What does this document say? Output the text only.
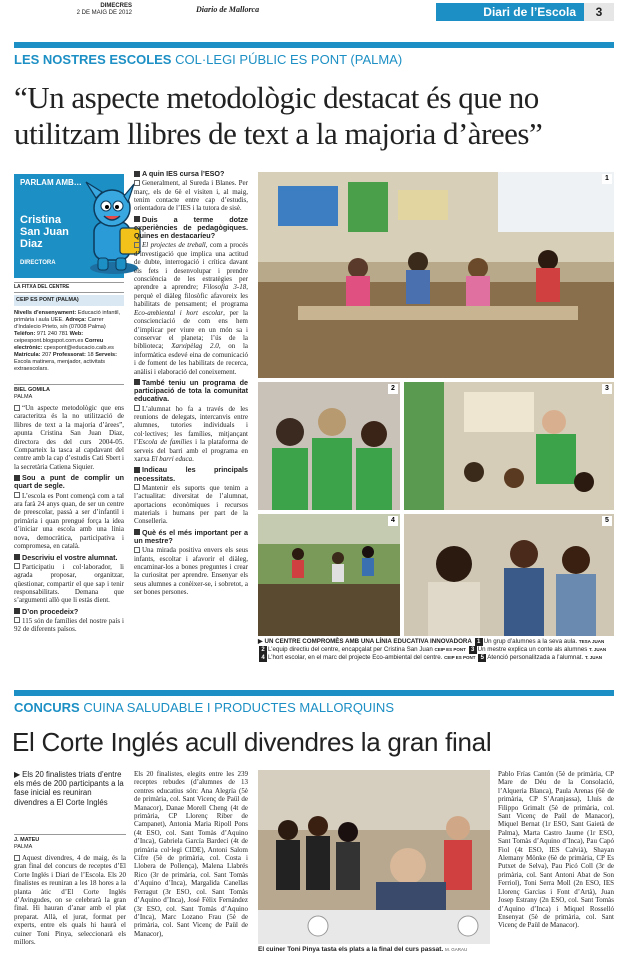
DIMECRES
2 DE MAIG DE 2012	Diario de Mallorca	Diari de l’Escola	3
LES NOSTRES ESCOLES COL·LEGI PÚBLIC ES PONT (PALMA)
“Un aspecte metodològic destacat és que no
utilitzam llibres de text a la majoria d’àrees”
PARLAM AMB…
Cristina
San Juan
Diaz
DIRECTORA
LA FITXA DEL CENTRE
CEIP ES PONT (PALMA)

Nivells d’ensenyament: Educació infantil, primària i aula UEE. Adreça: Carrer d’Indalecio Prieto, s/n (07008 Palma) Telèfon: 971 240 781 Web: ceipespont.blogspot.com.es Correu electrònic: cpespont@educacio.caib.es Matrícula: 207 Professorat: 18 Serveis: Escola matinera, menjador, activitats extraescolars.

BIEL GOMILA
PALMA

“Un aspecte metodològic que ens caracteritza és la no utilització de llibres de text a la majoria d’àrees”, apunta Cristina San Juan Diaz, directora des del curs 2004-05. Comparteix la tasca al capdavant del centre amb la cap d’estudis Cati Sbert i la secretària Catiena Siquier.

Sou a punt de complir un quart de segle.

L’escola es Pont començà com a tal ara farà 24 anys quan, de ser un centre de preescolar, passà a ser d’infantil i primària i quan prengué força la idea d’iniciar una escola amb una línia nova, democràtica, participativa i compromesa, en català.

Descriviu el vostre alumnat.

Participatiu i col·laborador, li agrada proposar, organitzar, qüestionar, compartir el que sap i tenir responsabilitats. Demana que s’argumenti allò que li estàs dient.

D’on procedeix?

115 són de famílies del nostre país i 92 de diferents països.

A quin IES cursa l’ESO?

Generalment, al Sureda i Blanes. Per març, els de 6è el visiten i, al maig, tenim contacte entre cap d’estudis, orientadora de l’IES i la tutora de sisè.

Duis a terme dotze experiències de pedagògiques. Quines en destacaríeu?

El projectes de treball, com a procés d’investigació que implica una actitud de dubte, interrogació i crítica davant els fets i desenvolupar i prendre consciència de les estratègies per aprendre a aprendre; Filosofia 3-18, perquè el diàleg filosòfic afavoreix les habilitats de pensament; el programa Eco-ambiental i hort escolar, per la conscienciació de com ens hem d’implicar per viure en un món sa i conservar el planeta; l’ús de la biblioteca; Xarxipèlag 2.0, on la informàtica esdevé eina de comunicació i de foment de les habilitats de recerca, anàlisi i elaboració del coneixement.

També teniu un programa de participació de tota la comunitat educativa.

L’alumnat ho fa a través de les reunions de delegats, intercanvis entre alumnes, tutories individuals i col·lectives; les famílies, mitjançant l’Escola de famílies i la plataforma de serveis del barri amb el programa en xarxa El barri educa.

Indicau les principals necessitats.

Mantenir els suports que tenim a l’actualitat: diversitat de l’alumnat, aportacions econòmiques i recursos materials i humans per part de la Conselleria.

Què és el més important per a un mestre?

Una mirada positiva envers els seus infants, escoltar i afavorir el diàleg, encaminar-los a bones preguntes i crear la curiositat per aprendre. Ensenyar els seus alumnes a conèixer-se, i sobretot, a ser bones persones.

1
2	3
4	5
▶ UN CENTRE COMPROMÈS AMB UNA LÍNIA EDUCATIVA INNOVADORA 1 Un grup d’alumnes a la seva aula. TESA JUAN 2 L’equip directiu del centre, encapçalat per Cristina San Juan CEIP ES PONT 3 Un mestre explica un conte als alumnes T. JUAN 4 L’hort escolar, en el marc del projecte Eco-ambiental del centre. CEIP ES PONT 5 Atenció personalitzada a l’alumnat. T. JUAN
CONCURS CUINA SALUDABLE I PRODUCTES MALLORQUINS
El Corte Inglés acull divendres la gran final
▶ Els 20 finalistes triats d’entre els més de 200 participants a la fase inicial es reuniran divendres a El Corte Inglés
J. MATEU
PALMA

Aquest divendres, 4 de maig, és la gran final del concurs de receptes d’El Corte Inglés i Diari de l’Escola. Els 20 finalistes es reuniran a les 18 hores a la planta àtic d’El Corte Inglés d’Avingudes, on se celebrarà la gran final. Hi hauran d’anar amb el plat preparat. Allà, el jurat, format per experts, entre els quals hi haurà el cuiner Toni Pinya, seleccionarà els millors.

Els 20 finalistes, elegits entre les 239 receptes rebudes (d’alumnes de 13 centres educatius són: Ana Alegría (5è de primària, col. Sant Vicenç de Paül de Manacor), Danae Morell Cheng (4t de primària, CP Llorenç Riber de Campanet), Antonia Maria Ripoll Pons (4t ESO, col. Sant Tomàs d’Aquino d’Inca), Gabriela García Bardeci (4t de primària col·legi CIDE), Antoni Salom Cifre (5è de primària, col. Costa i Llobera de Pollença), Malena Llabrés Rico (3r de primària, col. Sant Tomàs d’Aquino d’Inca), Margalida Canellas Ferragut (3r ESO, col. Sant Tomàs d’Aquino d’Inca), José Fèlix Fernández (3r ESO, col. Sant Tomàs d’Aquino d’Inca), Marc Lozano Frau (5è de primària, col. Sant Vicenç de Paül de Manacor),

El cuiner Toni Pinya tasta els plats a la final del curs passat. M. GARAU

Pablo Frías Cantón (5è de primària, CP Mare de Déu de la Consolació, l’Alqueria Blanca), Paula Arenas (6è de primària, CP S’Aranjassa), Lluís de Filippo Grimalt (5è de primària, col. Sant Vicenç de Paül de Manacor), Miquel Bernat (1r ESO, Sant Gaietà de Palma), Marta Castro Jaume (1r ESO, Sant Tomàs d’Aquino d’Inca), Pau Capó Fiol (4t ESO, IES Calvià), Shayan Alemany Mönke (6è de primària, CP Es Putxet de Selva), Pau Picó Coll (3r de primària, col. Sant Antoni Abat de Son Ferriol), Toni Serra Moll (2n ESO, IES Llorenç Garcias i Font d’Artà), Juan Josep Estrany (2n ESO, col. Sant Tomàs d’Aquino d’Inca) i Miquel Rosselló Ensenyat (5è de primària, col. Sant Vicenç de Paül de Manacor).
